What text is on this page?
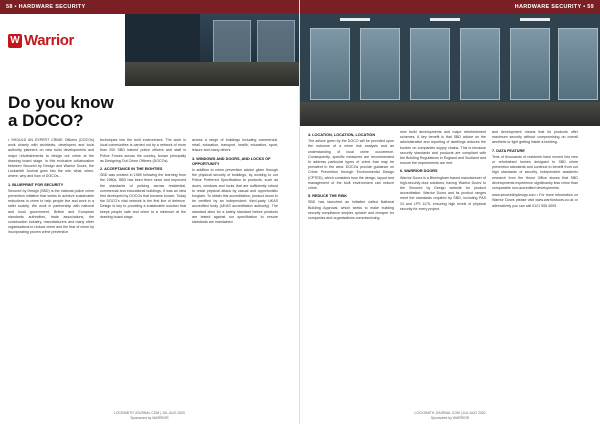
58 • HARDWARE SECURITY
W Warrior
Do you know
a DOCO?

• SHOULD AN EXPERT CRIME Officers (DOCOs) work closely with architects, developers and local authority planners on new build developments and major refurbishments to design out crime at the drawing board stage. In this exclusive collaboration between Secured by Design and Warrior Doors, the Locksmith Journal goes into the role, what, when, where, why and how of DOCOs...

1. BLUEPRINT FOR SECURITY

Secured by Design (SBD) is the national police crime prevention initiative that seeks to achieve sustainable reductions in crime to help people live and work in a safer society. We work in partnership with national and local government, British and European standards authorities, trade associations, the construction industry, manufacturers and many other organisations to reduce crime and the fear of crime by incorporating proven crime prevention

techniques into the built environment. The work in local communities is carried out by a network of more than 200 SBD trained police officers and staff in Police Forces across the country, known principally as Designing Out Crime Officers (DOCOs).

2. ACCEPTANCE IN THE EIGHTIES

SBD was created in 1989 following the learning from the 1980s. SBD has been there since and improved the standards of policing across residential, commercial and educational buildings. It was an idea first developed by DOCOs that became known. Today the DOCO's vital network is the first line of defence. Design is key to providing a sustainable solution that keeps people safe and crime to a minimum at the drawing board stage.

across a range of buildings including commercial, retail, education, transport, health, education, sport, leisure and many others.

3. WINDOWS AND DOORS, AND LOCKS OF OPPORTUNITY

In addition to crime prevention advice given through the physical security of buildings, by working to our Police Preferred Specification to products, such as doors, windows and locks that are sufficiently robust to resist physical attack by casual and opportunistic burglars. To obtain this accreditation, product doors to be certified by an independent, third-party UKAS accredited body (UKAS accreditation authority). The standard aims for a safety standard before products are tested against our specification to ensure standards are maintained.

LOCKSMITH JOURNAL COM | JUL-AUG 2020
Sponsored by WARRIOR
HARDWARE SECURITY • 59
4. LOCATION, LOCATION, LOCATION

The advice given by the DOCO will be provided upon the outcome of a crime risk analysis and an understanding of local crime occurrence. Consequently, specific measures are recommended to address particular types of crime that may be prevalent in the area. DOCOs provide guidance on Crime Prevention through Environmental Design (CPTED), which considers how the design, layout and management of the built environment can reduce crime.

5. REDUCE THE RISK

SBD has launched an initiative called National Building Approval, which seeks to make building security compliance simpler, quicker and cheaper for companies and organisations commissioning

new build developments and major refurbishment schemes. A key benefit is that SBD advice on the administrative and reporting of dwellings reduces the burden on companies supply chains. This is because security standards and products are compliant with the Building Regulations in England and Scotland and ensure the requirements are met.

6. WARRIOR DOORS

Warrior Doors is a Birmingham based manufacturer of high-security door solutions, having ‘Warrior Doors’ to the Secured by Design website for product accreditation. Warrior Doors and its product ranges meet the standards required by SBD, including PAS 24 and LPS 1175, ensuring high levels of physical security for every project.

and development means that its products offer maximum security without compromising on overall aesthetic or light getting inside a building.

7. DATA FEATURE

Tens of thousands of residents have moved into new or refurbished homes designed to SBD crime prevention standards and continue to benefit from our high standards of security. Independent academic research from the Home Office shows that SBD developments experience significantly less crime than comparable non-accredited developments.

www.securedbydesign.com • For more information on Warrior Doors please visit www.warriordoors.co.uk or alternatively you can call 0121 555 4005

LOCKSMITH JOURNAL COM | JUL-AUG 2020
Sponsored by WARRIOR
